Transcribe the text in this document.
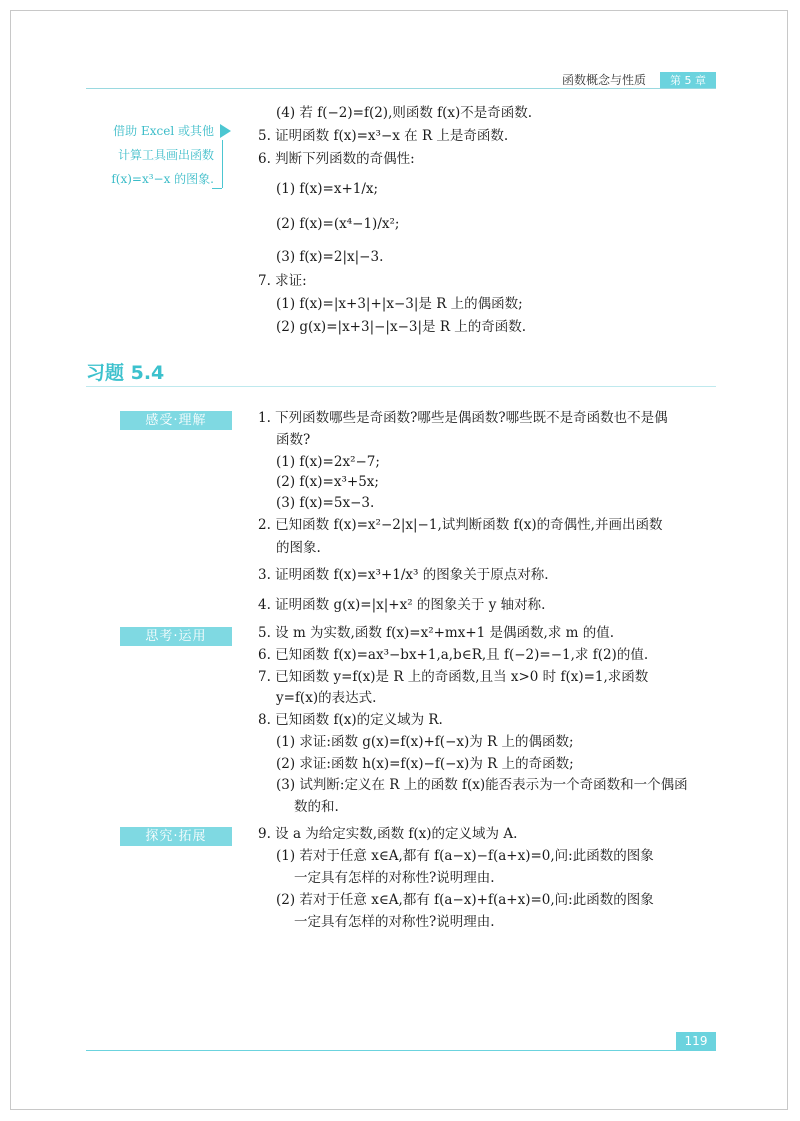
函数概念与性质	第 5 章
借助 Excel 或其他
计算工具画出函数
f(x)=x³−x 的图象.
(4) 若 f(−2)=f(2),则函数 f(x)不是奇函数.
5. 证明函数 f(x)=x³−x 在 R 上是奇函数.
6. 判断下列函数的奇偶性:
(1) f(x)=x+1/x;
(2) f(x)=(x⁴−1)/x²;
(3) f(x)=2|x|−3.
7. 求证:
(1) f(x)=|x+3|+|x−3|是 R 上的偶函数;
(2) g(x)=|x+3|−|x−3|是 R 上的奇函数.
习题 5.4
感受·理解
思考·运用
探究·拓展
1. 下列函数哪些是奇函数?哪些是偶函数?哪些既不是奇函数也不是偶
函数?
(1) f(x)=2x²−7;
(2) f(x)=x³+5x;
(3) f(x)=5x−3.
2. 已知函数 f(x)=x²−2|x|−1,试判断函数 f(x)的奇偶性,并画出函数
的图象.
3. 证明函数 f(x)=x³+1/x³ 的图象关于原点对称.
4. 证明函数 g(x)=|x|+x² 的图象关于 y 轴对称.
5. 设 m 为实数,函数 f(x)=x²+mx+1 是偶函数,求 m 的值.
6. 已知函数 f(x)=ax³−bx+1,a,b∈R,且 f(−2)=−1,求 f(2)的值.
7. 已知函数 y=f(x)是 R 上的奇函数,且当 x>0 时 f(x)=1,求函数
y=f(x)的表达式.
8. 已知函数 f(x)的定义域为 R.
(1) 求证:函数 g(x)=f(x)+f(−x)为 R 上的偶函数;
(2) 求证:函数 h(x)=f(x)−f(−x)为 R 上的奇函数;
(3) 试判断:定义在 R 上的函数 f(x)能否表示为一个奇函数和一个偶函
数的和.
9. 设 a 为给定实数,函数 f(x)的定义域为 A.
(1) 若对于任意 x∈A,都有 f(a−x)−f(a+x)=0,问:此函数的图象
一定具有怎样的对称性?说明理由.
(2) 若对于任意 x∈A,都有 f(a−x)+f(a+x)=0,问:此函数的图象
一定具有怎样的对称性?说明理由.
119
